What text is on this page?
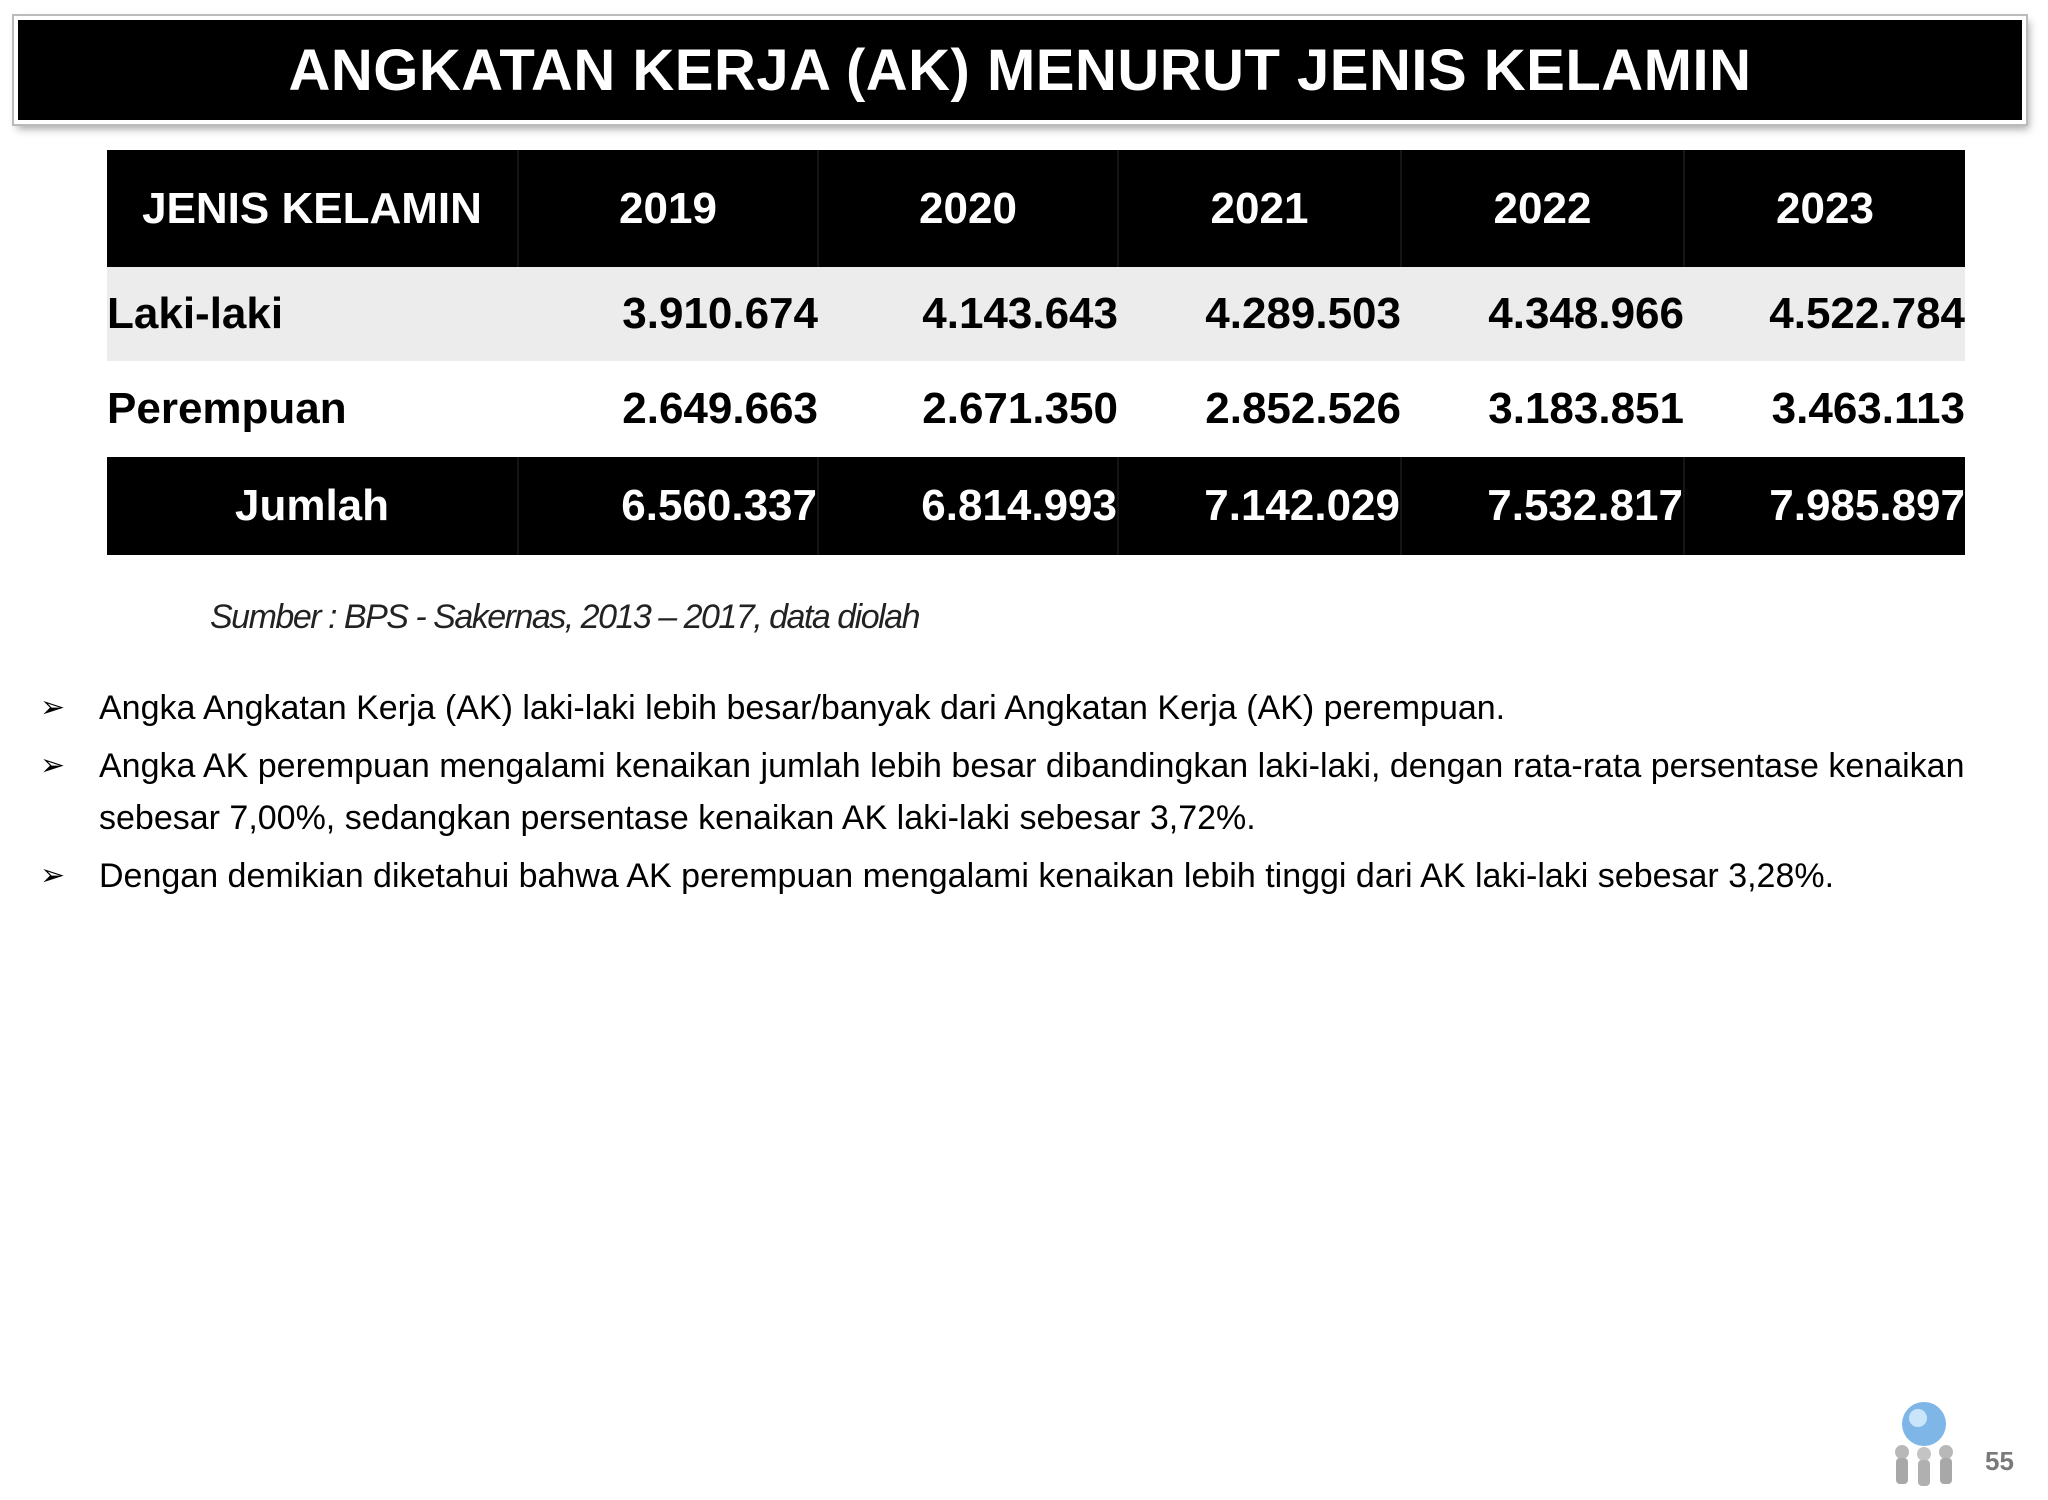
ANGKATAN KERJA (AK) MENURUT JENIS KELAMIN
JENIS KELAMIN	2019	2020	2021	2022	2023
Laki-laki	3.910.674	4.143.643	4.289.503	4.348.966	4.522.784
Perempuan	2.649.663	2.671.350	2.852.526	3.183.851	3.463.113
Jumlah	6.560.337	6.814.993	7.142.029	7.532.817	7.985.897
Sumber : BPS - Sakernas, 2013 – 2017, data diolah
➢ Angka Angkatan Kerja (AK) laki-laki lebih besar/banyak dari Angkatan Kerja (AK) perempuan.
➢ Angka AK perempuan mengalami kenaikan jumlah lebih besar dibandingkan laki-laki, dengan rata-rata persentase kenaikan sebesar 7,00%, sedangkan persentase kenaikan AK laki-laki sebesar 3,72%.
➢ Dengan demikian diketahui bahwa AK perempuan mengalami kenaikan lebih tinggi dari AK laki-laki sebesar 3,28%.
55
